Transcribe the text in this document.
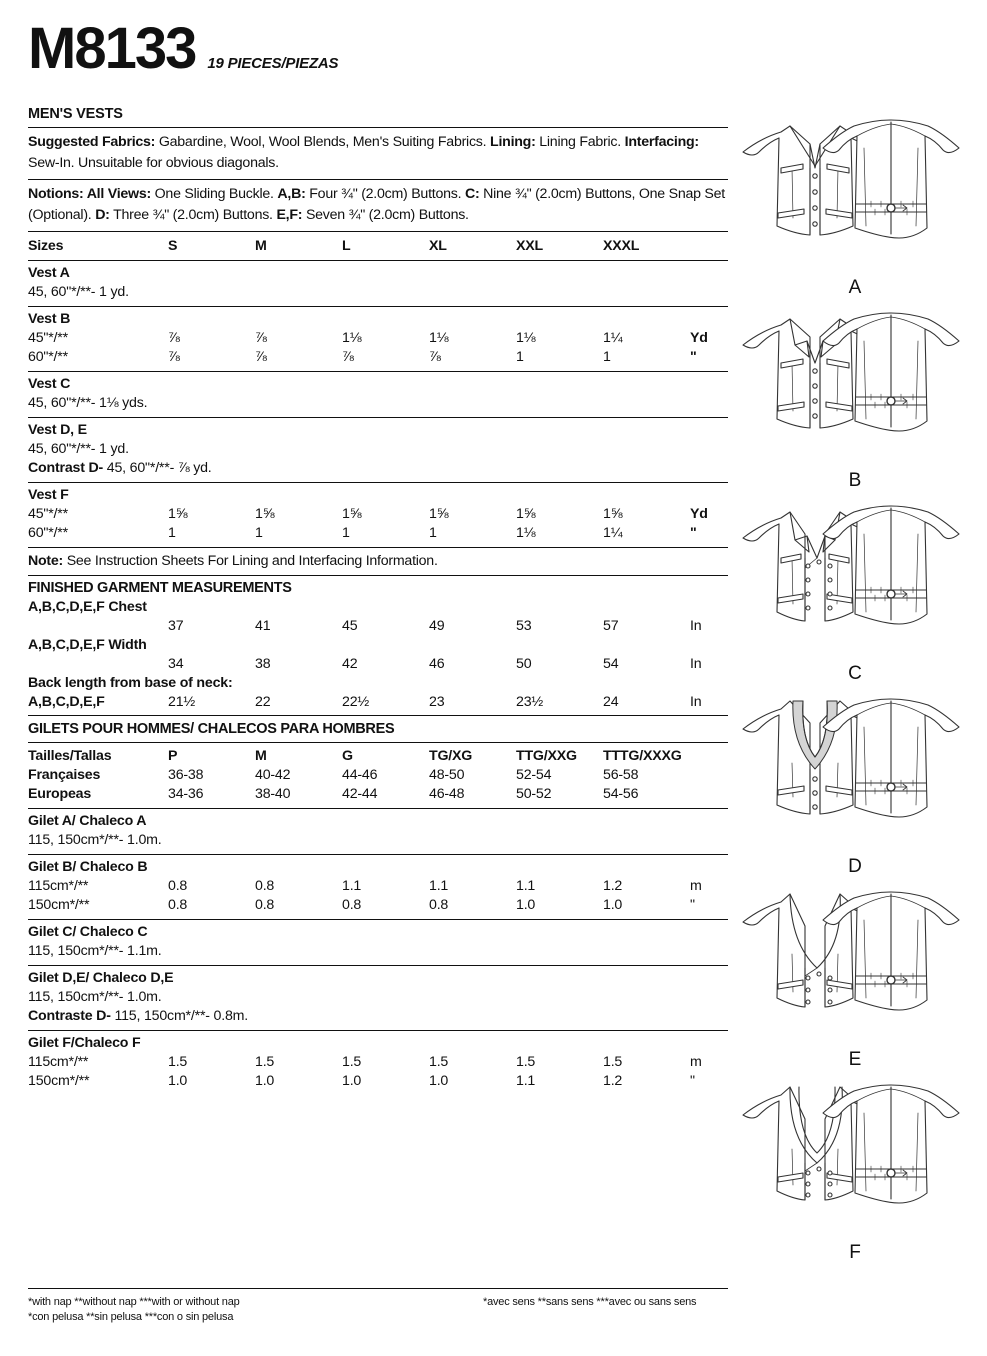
M8133 19 PIECES/PIEZAS
MEN'S VESTS
Suggested Fabrics: Gabardine, Wool, Wool Blends, Men's Suiting Fabrics. Lining: Lining Fabric. Interfacing: Sew-In. Unsuitable for obvious diagonals.
Notions: All Views: One Sliding Buckle. A,B: Four ¾" (2.0cm) Buttons. C: Nine ¾" (2.0cm) Buttons, One Snap Set (Optional). D: Three ¾" (2.0cm) Buttons. E,F: Seven ¾" (2.0cm) Buttons.
Sizes	S	M	L	XL	XXL	XXXL
Vest A
45, 60"*/**- 1 yd.
Vest B
45"*/**	⅞	⅞	1⅛	1⅛	1⅛	1¼	Yd
60"*/**	⅞	⅞	⅞	⅞	1	1	"
Vest C
45, 60"*/**- 1⅛ yds.
Vest D, E
45, 60"*/**- 1 yd.
Contrast D- 45, 60"*/**- ⅞ yd.
Vest F
45"*/**	1⅝	1⅝	1⅝	1⅝	1⅝	1⅝	Yd
60"*/**	1	1	1	1	1⅛	1¼	"
Note: See Instruction Sheets For Lining and Interfacing Information.
FINISHED GARMENT MEASUREMENTS
A,B,C,D,E,F Chest
37	41	45	49	53	57	In
A,B,C,D,E,F Width
34	38	42	46	50	54	In
Back length from base of neck:
A,B,C,D,E,F	21½	22	22½	23	23½	24	In
GILETS POUR HOMMES/ CHALECOS PARA HOMBRES
Tailles/Tallas	P	M	G	TG/XG	TTG/XXG	TTTG/XXXG
Françaises	36-38	40-42	44-46	48-50	52-54	56-58
Europeas	34-36	38-40	42-44	46-48	50-52	54-56
Gilet A/ Chaleco A
115, 150cm*/**- 1.0m.
Gilet B/ Chaleco B
115cm*/**	0.8	0.8	1.1	1.1	1.1	1.2	m
150cm*/**	0.8	0.8	0.8	0.8	1.0	1.0	"
Gilet C/ Chaleco C
115, 150cm*/**- 1.1m.
Gilet D,E/ Chaleco D,E
115, 150cm*/**- 1.0m.
Contraste D- 115, 150cm*/**- 0.8m.
Gilet F/Chaleco F
115cm*/**	1.5	1.5	1.5	1.5	1.5	1.5	m
150cm*/**	1.0	1.0	1.0	1.0	1.1	1.2	"
*with nap **without nap ***with or without nap
*con pelusa **sin pelusa ***con o sin pelusa
*avec sens **sans sens ***avec ou sans sens
A
B
C
D
E
F
